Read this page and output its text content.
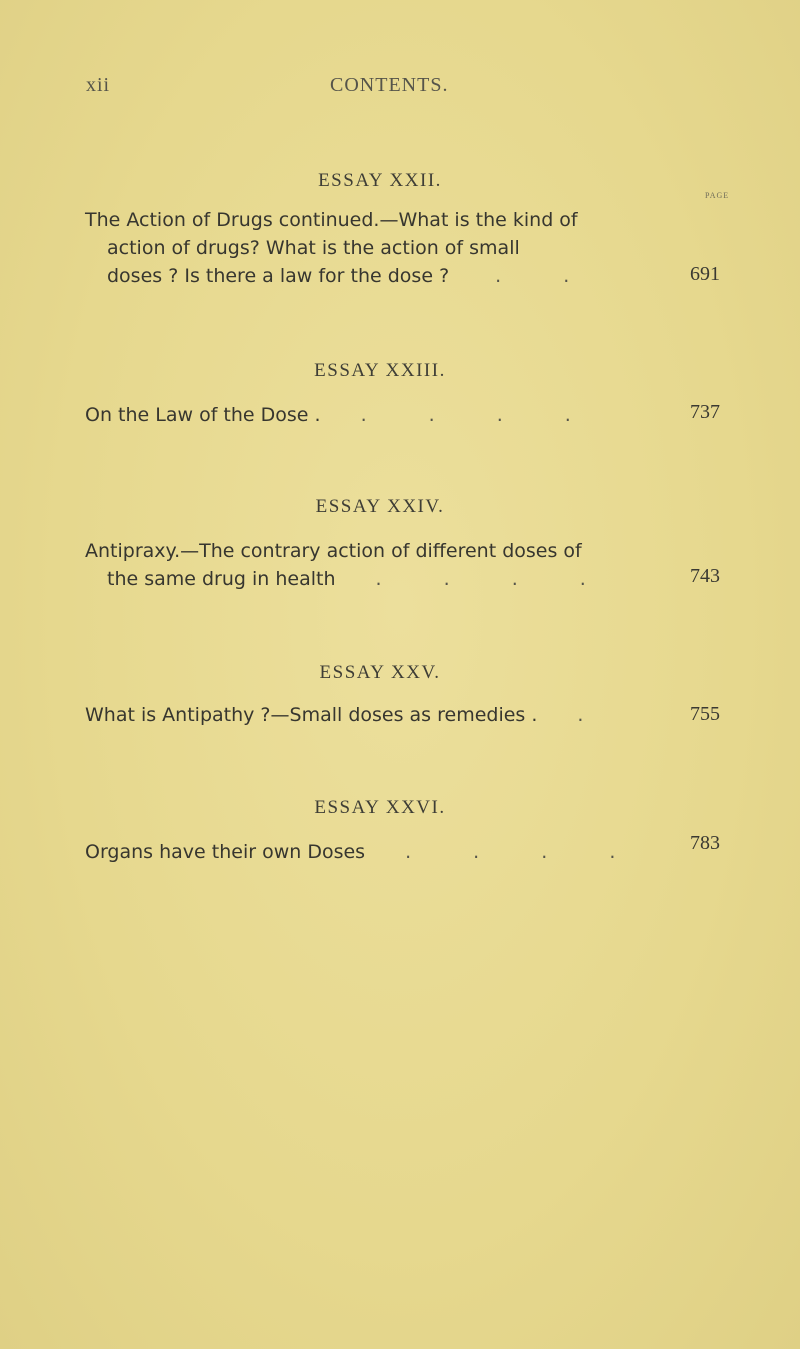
xii	CONTENTS.
ESSAY XXII.
PAGE
The Action of Drugs continued.—What is the kind of
action of drugs? What is the action of small
doses ? Is there a law for the dose ? . .	691
ESSAY XXIII.
On the Law of the Dose . . . . .	737
ESSAY XXIV.
Antipraxy.—The contrary action of different doses of
the same drug in health . . . .	743
ESSAY XXV.
What is Antipathy ?—Small doses as remedies . .	755
ESSAY XXVI.
Organs have their own Doses . . . .	783
